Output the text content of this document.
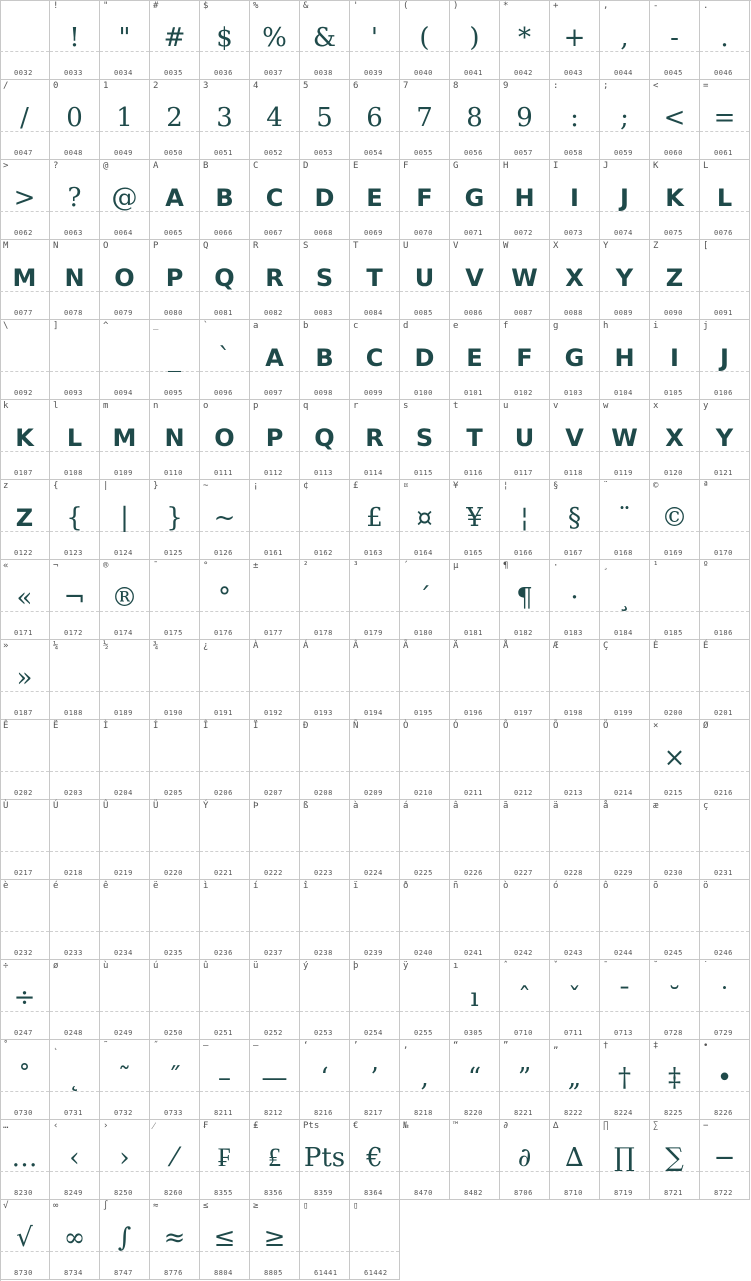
0032
!
!
0033
"
"
0034
#
#
0035
$
$
0036
%
%
0037
&
&
0038
'
'
0039
(
(
0040
)
)
0041
*
*
0042
+
+
0043
,
,
0044
-
-
0045
.
.
0046
/
/
0047
0
0
0048
1
1
0049
2
2
0050
3
3
0051
4
4
0052
5
5
0053
6
6
0054
7
7
0055
8
8
0056
9
9
0057
:
:
0058
;
;
0059
<
<
0060
=
=
0061
>
>
0062
?
?
0063
@
@
0064
A
A
0065
B
B
0066
C
C
0067
D
D
0068
E
E
0069
F
F
0070
G
G
0071
H
H
0072
I
I
0073
J
J
0074
K
K
0075
L
L
0076
M
M
0077
N
N
0078
O
O
0079
P
P
0080
Q
Q
0081
R
R
0082
S
S
0083
T
T
0084
U
U
0085
V
V
0086
W
W
0087
X
X
0088
Y
Y
0089
Z
Z
0090
[
0091
\
0092
]
0093
^
0094
_
_
0095
`
`
0096
a
A
0097
b
B
0098
c
C
0099
d
D
0100
e
E
0101
f
F
0102
g
G
0103
h
H
0104
i
I
0105
j
J
0106
k
K
0107
l
L
0108
m
M
0109
n
N
0110
o
O
0111
p
P
0112
q
Q
0113
r
R
0114
s
S
0115
t
T
0116
u
U
0117
v
V
0118
w
W
0119
x
X
0120
y
Y
0121
z
Z
0122
{
{
0123
|
|
0124
}
}
0125
~
~
0126
¡
0161
¢
0162
£
£
0163
¤
¤
0164
¥
¥
0165
¦
¦
0166
§
§
0167
¨
¨
0168
©
©
0169
ª
0170
«
«
0171
¬
¬
0172
®
®
0174
¯
0175
°
°
0176
±
0177
²
0178
³
0179
´
´
0180
µ
0181
¶
¶
0182
·
·
0183
¸
¸
0184
¹
0185
º
0186
»
»
0187
¼
0188
½
0189
¾
0190
¿
0191
À
0192
Á
0193
Â
0194
Ã
0195
Ä
0196
Å
0197
Æ
0198
Ç
0199
È
0200
É
0201
Ê
0202
Ë
0203
Ì
0204
Í
0205
Î
0206
Ï
0207
Ð
0208
Ñ
0209
Ò
0210
Ó
0211
Ô
0212
Õ
0213
Ö
0214
×
×
0215
Ø
0216
Ù
0217
Ú
0218
Û
0219
Ü
0220
Ý
0221
Þ
0222
ß
0223
à
0224
á
0225
â
0226
ã
0227
ä
0228
å
0229
æ
0230
ç
0231
è
0232
é
0233
ê
0234
ë
0235
ì
0236
í
0237
î
0238
ï
0239
ð
0240
ñ
0241
ò
0242
ó
0243
ô
0244
õ
0245
ö
0246
÷
÷
0247
ø
0248
ù
0249
ú
0250
û
0251
ü
0252
ý
0253
þ
0254
ÿ
0255
ı
ı
0305
ˆ
ˆ
0710
ˇ
ˇ
0711
ˉ
ˉ
0713
˘
˘
0728
˙
˙
0729
˚
˚
0730
˛
˛
0731
˜
˜
0732
˝
˝
0733
–
–
8211
—
—
8212
‘
‘
8216
’
’
8217
‚
‚
8218
“
“
8220
”
”
8221
„
„
8222
†
†
8224
‡
‡
8225
•
•
8226
…
…
8230
‹
‹
8249
›
›
8250
⁄
⁄
8260
₣
₣
8355
₤
₤
8356
Pts
Pts
8359
€
€
8364
№
8470
™
8482
∂
∂
8706
∆
∆
8710
∏
∏
8719
∑
∑
8721
−
−
8722
√
√
8730
∞
∞
8734
∫
∫
8747
≈
≈
8776
≤
≤
8804
≥
≥
8805
▯
61441
▯
61442
